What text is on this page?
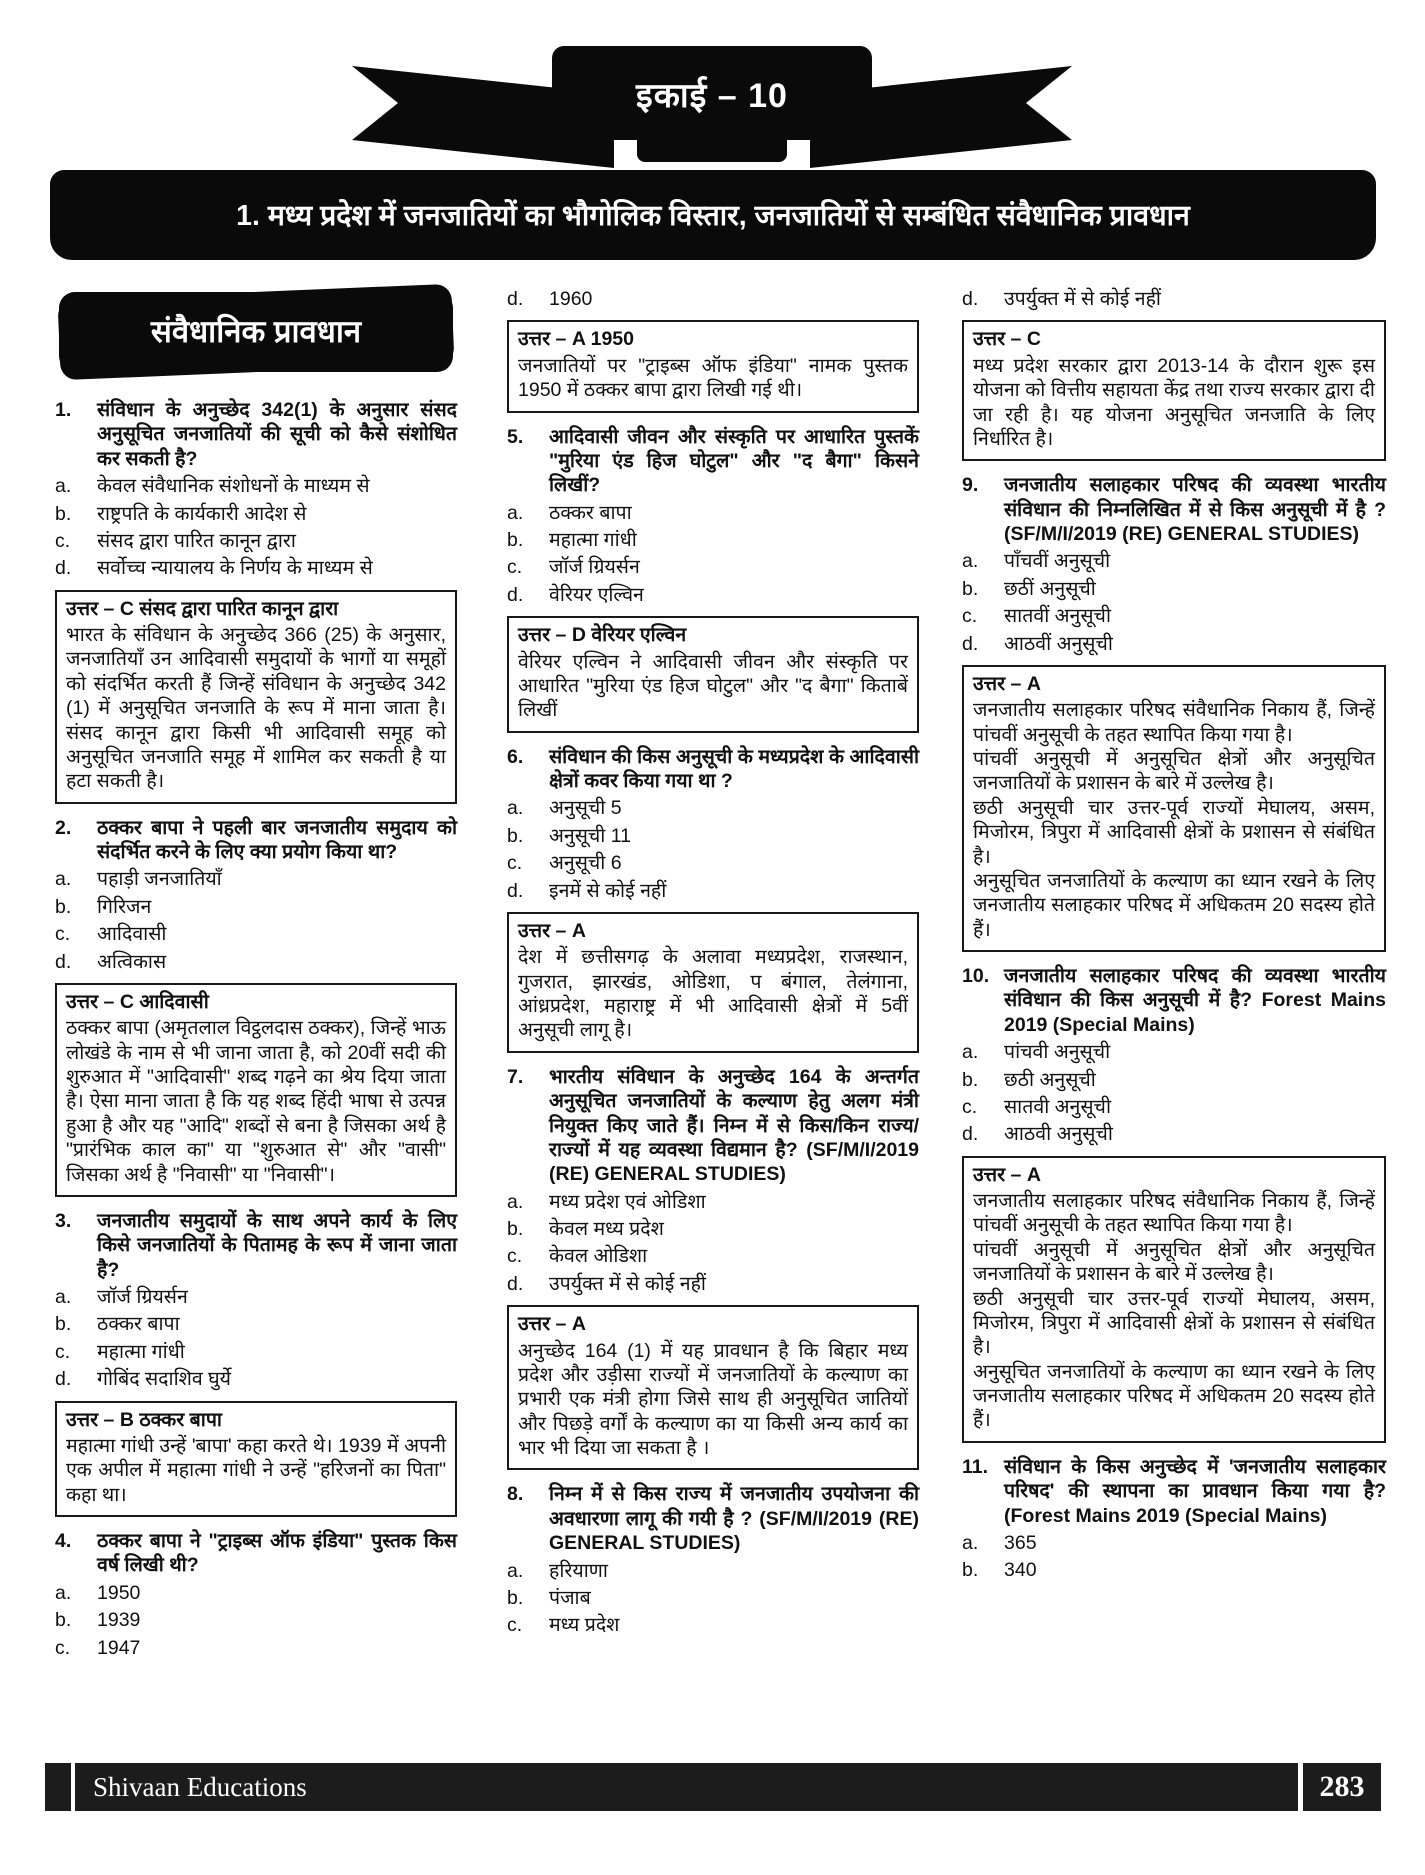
इकाई – 10
1. मध्य प्रदेश में जनजातियों का भौगोलिक विस्तार, जनजातियों से सम्बंधित संवैधानिक प्रावधान
संवैधानिक प्रावधान
1.	संविधान के अनुच्छेद 342(1) के अनुसार संसद अनुसूचित जनजातियों की सूची को कैसे संशोधित कर सकती है?
a.	केवल संवैधानिक संशोधनों के माध्यम से
b.	राष्ट्रपति के कार्यकारी आदेश से
c.	संसद द्वारा पारित कानून द्वारा
d.	सर्वोच्च न्यायालय के निर्णय के माध्यम से
उत्तर – C संसद द्वारा पारित कानून द्वारा

भारत के संविधान के अनुच्छेद 366 (25) के अनुसार, जनजातियाँ उन आदिवासी समुदायों के भागों या समूहों को संदर्भित करती हैं जिन्हें संविधान के अनुच्छेद 342 (1) में अनुसूचित जनजाति के रूप में माना जाता है। संसद कानून द्वारा किसी भी आदिवासी समूह को अनुसूचित जनजाति समूह में शामिल कर सकती है या हटा सकती है।

2.	ठक्कर बापा ने पहली बार जनजातीय समुदाय को संदर्भित करने के लिए क्या प्रयोग किया था?
a.	पहाड़ी जनजातियाँ
b.	गिरिजन
c.	आदिवासी
d.	अत्विकास
उत्तर – C आदिवासी

ठक्कर बापा (अमृतलाल विट्ठलदास ठक्कर), जिन्हें भाऊ लोखंडे के नाम से भी जाना जाता है, को 20वीं सदी की शुरुआत में "आदिवासी" शब्द गढ़ने का श्रेय दिया जाता है। ऐसा माना जाता है कि यह शब्द हिंदी भाषा से उत्पन्न हुआ है और यह "आदि" शब्दों से बना है जिसका अर्थ है "प्रारंभिक काल का" या "शुरुआत से" और "वासी" जिसका अर्थ है "निवासी" या "निवासी"।

3.	जनजातीय समुदायों के साथ अपने कार्य के लिए किसे जनजातियों के पितामह के रूप में जाना जाता है?
a.	जॉर्ज ग्रियर्सन
b.	ठक्कर बापा
c.	महात्मा गांधी
d.	गोबिंद सदाशिव घुर्ये
उत्तर – B ठक्कर बापा

महात्मा गांधी उन्हें 'बापा' कहा करते थे। 1939 में अपनी एक अपील में महात्मा गांधी ने उन्हें "हरिजनों का पिता" कहा था।

4.	ठक्कर बापा ने "ट्राइब्स ऑफ इंडिया" पुस्तक किस वर्ष लिखी थी?
a.	1950
b.	1939
c.	1947
d.	1960
उत्तर – A 1950

जनजातियों पर "ट्राइब्स ऑफ इंडिया" नामक पुस्तक 1950 में ठक्कर बापा द्वारा लिखी गई थी।

5.	आदिवासी जीवन और संस्कृति पर आधारित पुस्तकें "मुरिया एंड हिज घोटुल" और "द बैगा" किसने लिखीं?
a.	ठक्कर बापा
b.	महात्मा गांधी
c.	जॉर्ज ग्रियर्सन
d.	वेरियर एल्विन
उत्तर – D वेरियर एल्विन

वेरियर एल्विन ने आदिवासी जीवन और संस्कृति पर आधारित "मुरिया एंड हिज घोटुल" और "द बैगा" किताबें लिखीं

6.	संविधान की किस अनुसूची के मध्यप्रदेश के आदिवासी क्षेत्रों कवर किया गया था ?
a.	अनुसूची 5
b.	अनुसूची 11
c.	अनुसूची 6
d.	इनमें से कोई नहीं
उत्तर – A

देश में छत्तीसगढ़ के अलावा मध्यप्रदेश, राजस्थान, गुजरात, झारखंड, ओडिशा, प बंगाल, तेलंगाना, आंध्रप्रदेश, महाराष्ट्र में भी आदिवासी क्षेत्रों में 5वीं अनुसूची लागू है।

7.	भारतीय संविधान के अनुच्छेद 164 के अन्तर्गत अनुसूचित जनजातियों के कल्याण हेतु अलग मंत्री नियुक्त किए जाते हैं। निम्न में से किस/किन राज्य/राज्यों में यह व्यवस्था विद्यमान है? (SF/M/I/2019 (RE) GENERAL STUDIES)
a.	मध्य प्रदेश एवं ओडिशा
b.	केवल मध्य प्रदेश
c.	केवल ओडिशा
d.	उपर्युक्त में से कोई नहीं
उत्तर – A

अनुच्छेद 164 (1) में यह प्रावधान है कि बिहार मध्य प्रदेश और उड़ीसा राज्यों में जनजातियों के कल्याण का प्रभारी एक मंत्री होगा जिसे साथ ही अनुसूचित जातियों और पिछड़े वर्गों के कल्याण का या किसी अन्य कार्य का भार भी दिया जा सकता है ।

8.	निम्न में से किस राज्य में जनजातीय उपयोजना की अवधारणा लागू की गयी है ? (SF/M/I/2019 (RE) GENERAL STUDIES)
a.	हरियाणा
b.	पंजाब
c.	मध्य प्रदेश
d.	उपर्युक्त में से कोई नहीं
उत्तर – C

मध्य प्रदेश सरकार द्वारा 2013-14 के दौरान शुरू इस योजना को वित्तीय सहायता केंद्र तथा राज्य सरकार द्वारा दी जा रही है। यह योजना अनुसूचित जनजाति के लिए निर्धारित है।

9.	जनजातीय सलाहकार परिषद की व्यवस्था भारतीय संविधान की निम्नलिखित में से किस अनुसूची में है ? (SF/M/I/2019 (RE) GENERAL STUDIES)
a.	पाँचवीं अनुसूची
b.	छठीं अनुसूची
c.	सातवीं अनुसूची
d.	आठवीं अनुसूची
उत्तर – A

जनजातीय सलाहकार परिषद संवैधानिक निकाय हैं, जिन्हें पांचवीं अनुसूची के तहत स्थापित किया गया है।

पांचवीं अनुसूची में अनुसूचित क्षेत्रों और अनुसूचित जनजातियों के प्रशासन के बारे में उल्लेख है।

छठी अनुसूची चार उत्तर-पूर्व राज्यों मेघालय, असम, मिजोरम, त्रिपुरा में आदिवासी क्षेत्रों के प्रशासन से संबंधित है।

अनुसूचित जनजातियों के कल्याण का ध्यान रखने के लिए जनजातीय सलाहकार परिषद में अधिकतम 20 सदस्य होते हैं।

10. जनजातीय सलाहकार परिषद की व्यवस्था भारतीय संविधान की किस अनुसूची में है? Forest Mains 2019 (Special Mains)
a.	पांचवी अनुसूची
b.	छठी अनुसूची
c.	सातवी अनुसूची
d.	आठवी अनुसूची
उत्तर – A

जनजातीय सलाहकार परिषद संवैधानिक निकाय हैं, जिन्हें पांचवीं अनुसूची के तहत स्थापित किया गया है।

पांचवीं अनुसूची में अनुसूचित क्षेत्रों और अनुसूचित जनजातियों के प्रशासन के बारे में उल्लेख है।

छठी अनुसूची चार उत्तर-पूर्व राज्यों मेघालय, असम, मिजोरम, त्रिपुरा में आदिवासी क्षेत्रों के प्रशासन से संबंधित है।

अनुसूचित जनजातियों के कल्याण का ध्यान रखने के लिए जनजातीय सलाहकार परिषद में अधिकतम 20 सदस्य होते हैं।

11. संविधान के किस अनुच्छेद में 'जनजातीय सलाहकार परिषद' की स्थापना का प्रावधान किया गया है? (Forest Mains 2019 (Special Mains)
a.	365
b.	340
Shivaan Educations	283
